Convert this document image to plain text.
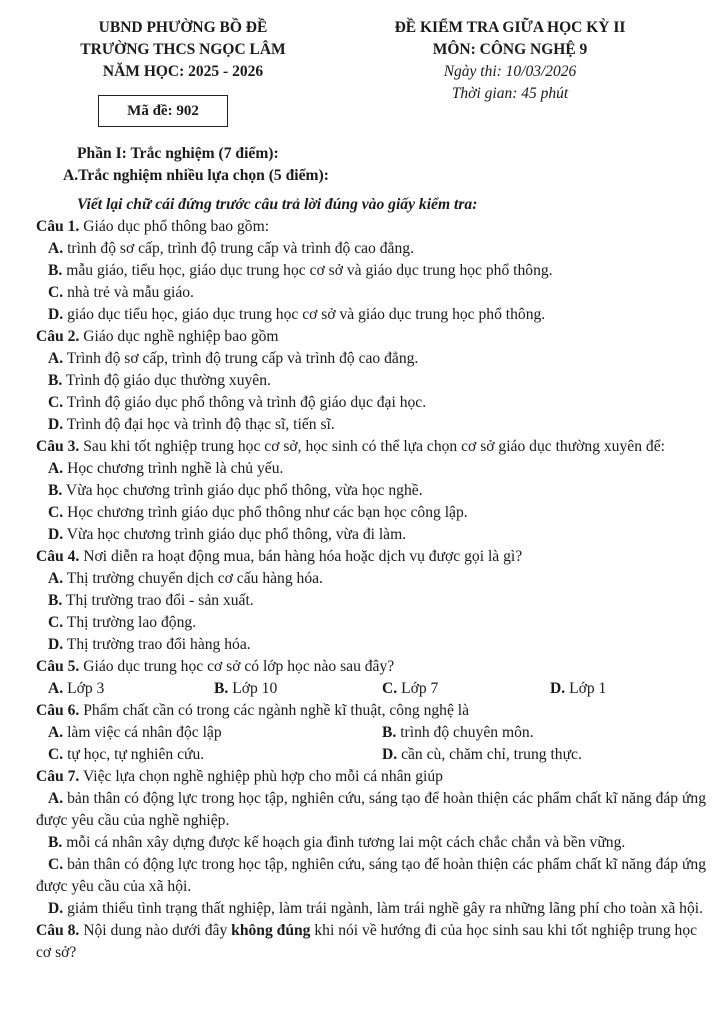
UBND PHƯỜNG BỒ ĐỀ
TRƯỜNG THCS NGỌC LÂM
NĂM HỌC: 2025 - 2026
ĐỀ KIỂM TRA GIỮA HỌC KỲ II
MÔN: CÔNG NGHỆ 9
Ngày thi: 10/03/2026
Thời gian: 45 phút
Mã đề: 902
Phần I: Trắc nghiệm (7 điểm):
A.Trắc nghiệm nhiều lựa chọn (5 điểm):
Viết lại chữ cái đứng trước câu trả lời đúng vào giấy kiểm tra:
Câu 1. Giáo dục phổ thông bao gồm:
A. trình độ sơ cấp, trình độ trung cấp và trình độ cao đẳng.
B. mẫu giáo, tiểu học, giáo dục trung học cơ sở và giáo dục trung học phổ thông.
C. nhà trẻ và mẫu giáo.
D. giáo dục tiểu học, giáo dục trung học cơ sở và giáo dục trung học phổ thông.
Câu 2. Giáo dục nghề nghiệp bao gồm
A. Trình độ sơ cấp, trình độ trung cấp và trình độ cao đẳng.
B. Trình độ giáo dục thường xuyên.
C. Trình độ giáo dục phổ thông và trình độ giáo dục đại học.
D. Trình độ đại học và trình độ thạc sĩ, tiến sĩ.
Câu 3. Sau khi tốt nghiệp trung học cơ sở, học sinh có thể lựa chọn cơ sở giáo dục thường xuyên để:
A. Học chương trình nghề là chủ yếu.
B. Vừa học chương trình giáo dục phổ thông, vừa học nghề.
C. Học chương trình giáo dục phổ thông như các bạn học công lập.
D. Vừa học chương trình giáo dục phổ thông, vừa đi làm.
Câu 4. Nơi diễn ra hoạt động mua, bán hàng hóa hoặc dịch vụ được gọi là gì?
A. Thị trường chuyển dịch cơ cấu hàng hóa.
B. Thị trường trao đổi - sản xuất.
C. Thị trường lao động.
D. Thị trường trao đổi hàng hóa.
Câu 5. Giáo dục trung học cơ sở có lớp học nào sau đây?
A. Lớp 3	B. Lớp 10	C. Lớp 7	D. Lớp 1
Câu 6. Phẩm chất cần có trong các ngành nghề kĩ thuật, công nghệ là
A. làm việc cá nhân độc lập	B. trình độ chuyên môn.
C. tự học, tự nghiên cứu.	D. cần cù, chăm chỉ, trung thực.
Câu 7. Việc lựa chọn nghề nghiệp phù hợp cho mỗi cá nhân giúp
A. bản thân có động lực trong học tập, nghiên cứu, sáng tạo để hoàn thiện các phẩm chất kĩ năng đáp ứng được yêu cầu của nghề nghiệp.
B. mỗi cá nhân xây dựng được kế hoạch gia đình tương lai một cách chắc chắn và bền vững.
C. bản thân có động lực trong học tập, nghiên cứu, sáng tạo để hoàn thiện các phẩm chất kĩ năng đáp ứng được yêu cầu của xã hội.
D. giảm thiểu tình trạng thất nghiệp, làm trái ngành, làm trái nghề gây ra những lãng phí cho toàn xã hội.
Câu 8. Nội dung nào dưới đây không đúng khi nói về hướng đi của học sinh sau khi tốt nghiệp trung học cơ sở?
